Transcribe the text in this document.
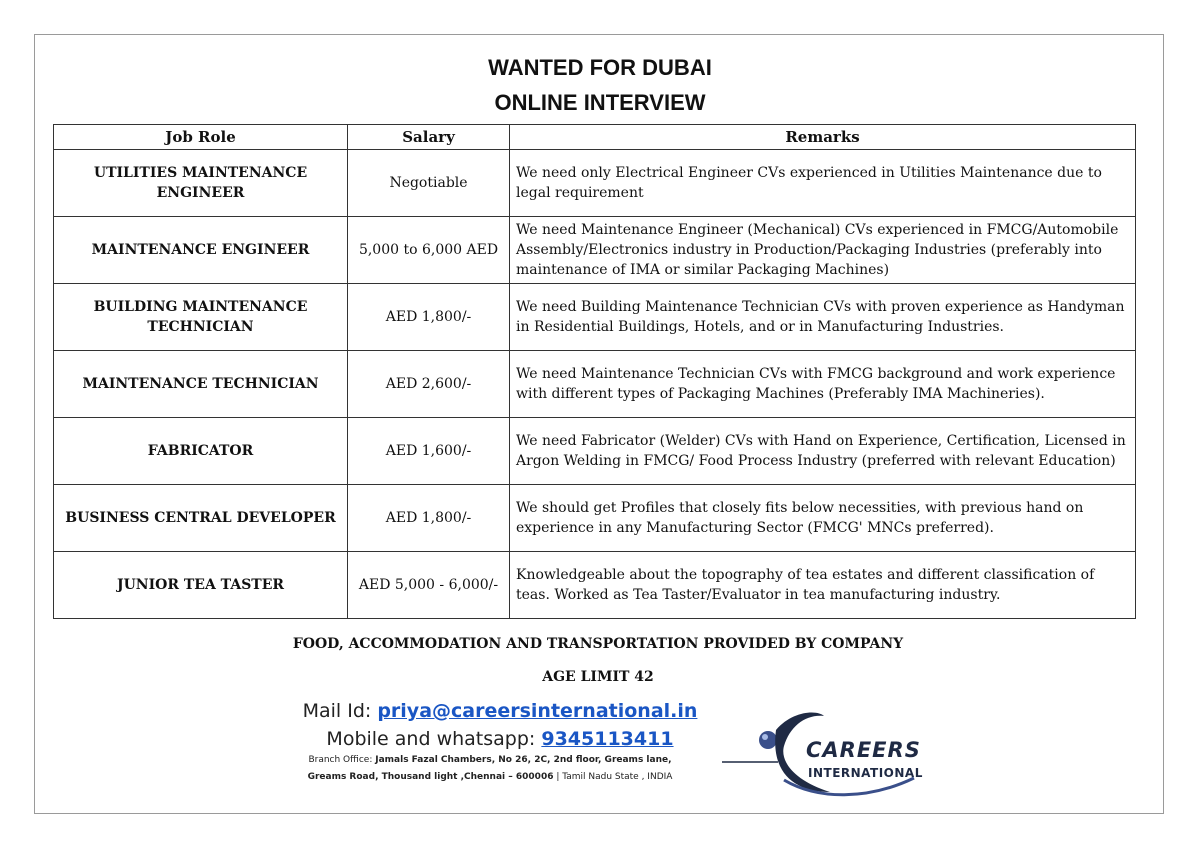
WANTED FOR DUBAI
ONLINE INTERVIEW
Job Role	Salary	Remarks
UTILITIES MAINTENANCE ENGINEER	Negotiable	We need only Electrical Engineer CVs experienced in Utilities Maintenance due to legal requirement
MAINTENANCE ENGINEER	5,000 to 6,000 AED	We need Maintenance Engineer (Mechanical) CVs experienced in FMCG/Automobile Assembly/Electronics industry in Production/Packaging Industries (preferably into maintenance of IMA or similar Packaging Machines)
BUILDING MAINTENANCE TECHNICIAN	AED 1,800/-	We need Building Maintenance Technician CVs with proven experience as Handyman in Residential Buildings, Hotels, and or in Manufacturing Industries.
MAINTENANCE TECHNICIAN	AED 2,600/-	We need Maintenance Technician CVs with FMCG background and work experience with different types of Packaging Machines (Preferably IMA Machineries).
FABRICATOR	AED 1,600/-	We need Fabricator (Welder) CVs with Hand on Experience, Certification, Licensed in Argon Welding in FMCG/ Food Process Industry (preferred with relevant Education)
BUSINESS CENTRAL DEVELOPER	AED 1,800/-	We should get Profiles that closely fits below necessities, with previous hand on experience in any Manufacturing Sector (FMCG' MNCs preferred).
JUNIOR TEA TASTER	AED 5,000 - 6,000/-	Knowledgeable about the topography of tea estates and different classification of teas. Worked as Tea Taster/Evaluator in tea manufacturing industry.
FOOD, ACCOMMODATION AND TRANSPORTATION PROVIDED BY COMPANY
AGE LIMIT 42
Mail Id: priya@careersinternational.in
Mobile and whatsapp: 9345113411
Branch Office: Jamals Fazal Chambers, No 26, 2C, 2nd floor, Greams lane,
Greams Road, Thousand light ,Chennai – 600006 | Tamil Nadu State , INDIA
CAREERS
INTERNATIONAL
